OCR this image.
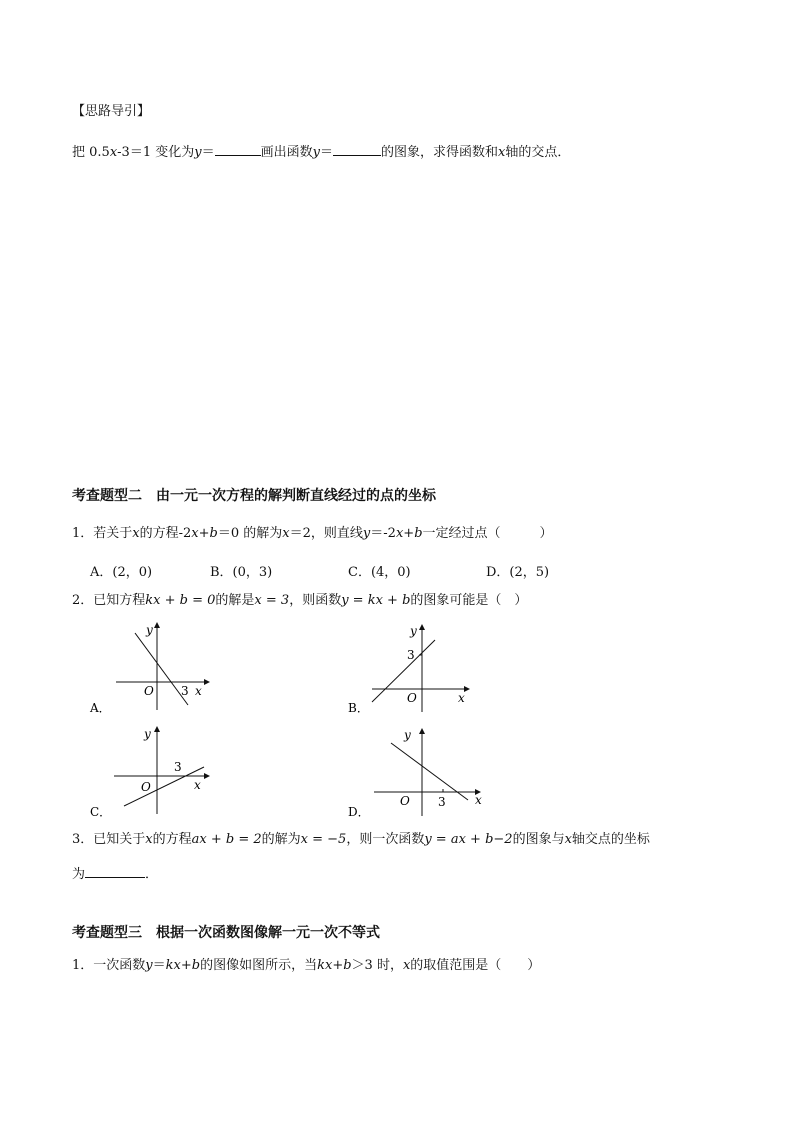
【思路导引】
把 0.5x-3＝1 变化为y＝	画出函数y＝	的图象，求得函数和x轴的交点．
考查题型二　由一元一次方程的解判断直线经过的点的坐标
1．若关于x的方程-2x+b＝0 的解为x＝2，则直线y＝-2x+b一定经过点（　　　）
A．(2，0)	B．(0，3)	C．(4，0)	D．(2，5)
2．已知方程kx + b = 0的解是x = 3，则函数y = kx + b的图象可能是（　）
y
O 3 x
A．
y
3
O	x
B．
y
3
O	x
C．
y
O 3 x
D．
3．已知关于x的方程ax + b = 2的解为x = −5，则一次函数y = ax + b−2的图象与x轴交点的坐标
为	．
考查题型三　根据一次函数图像解一元一次不等式
1．一次函数y＝kx+b的图像如图所示，当kx+b＞3 时，x的取值范围是（　　）
